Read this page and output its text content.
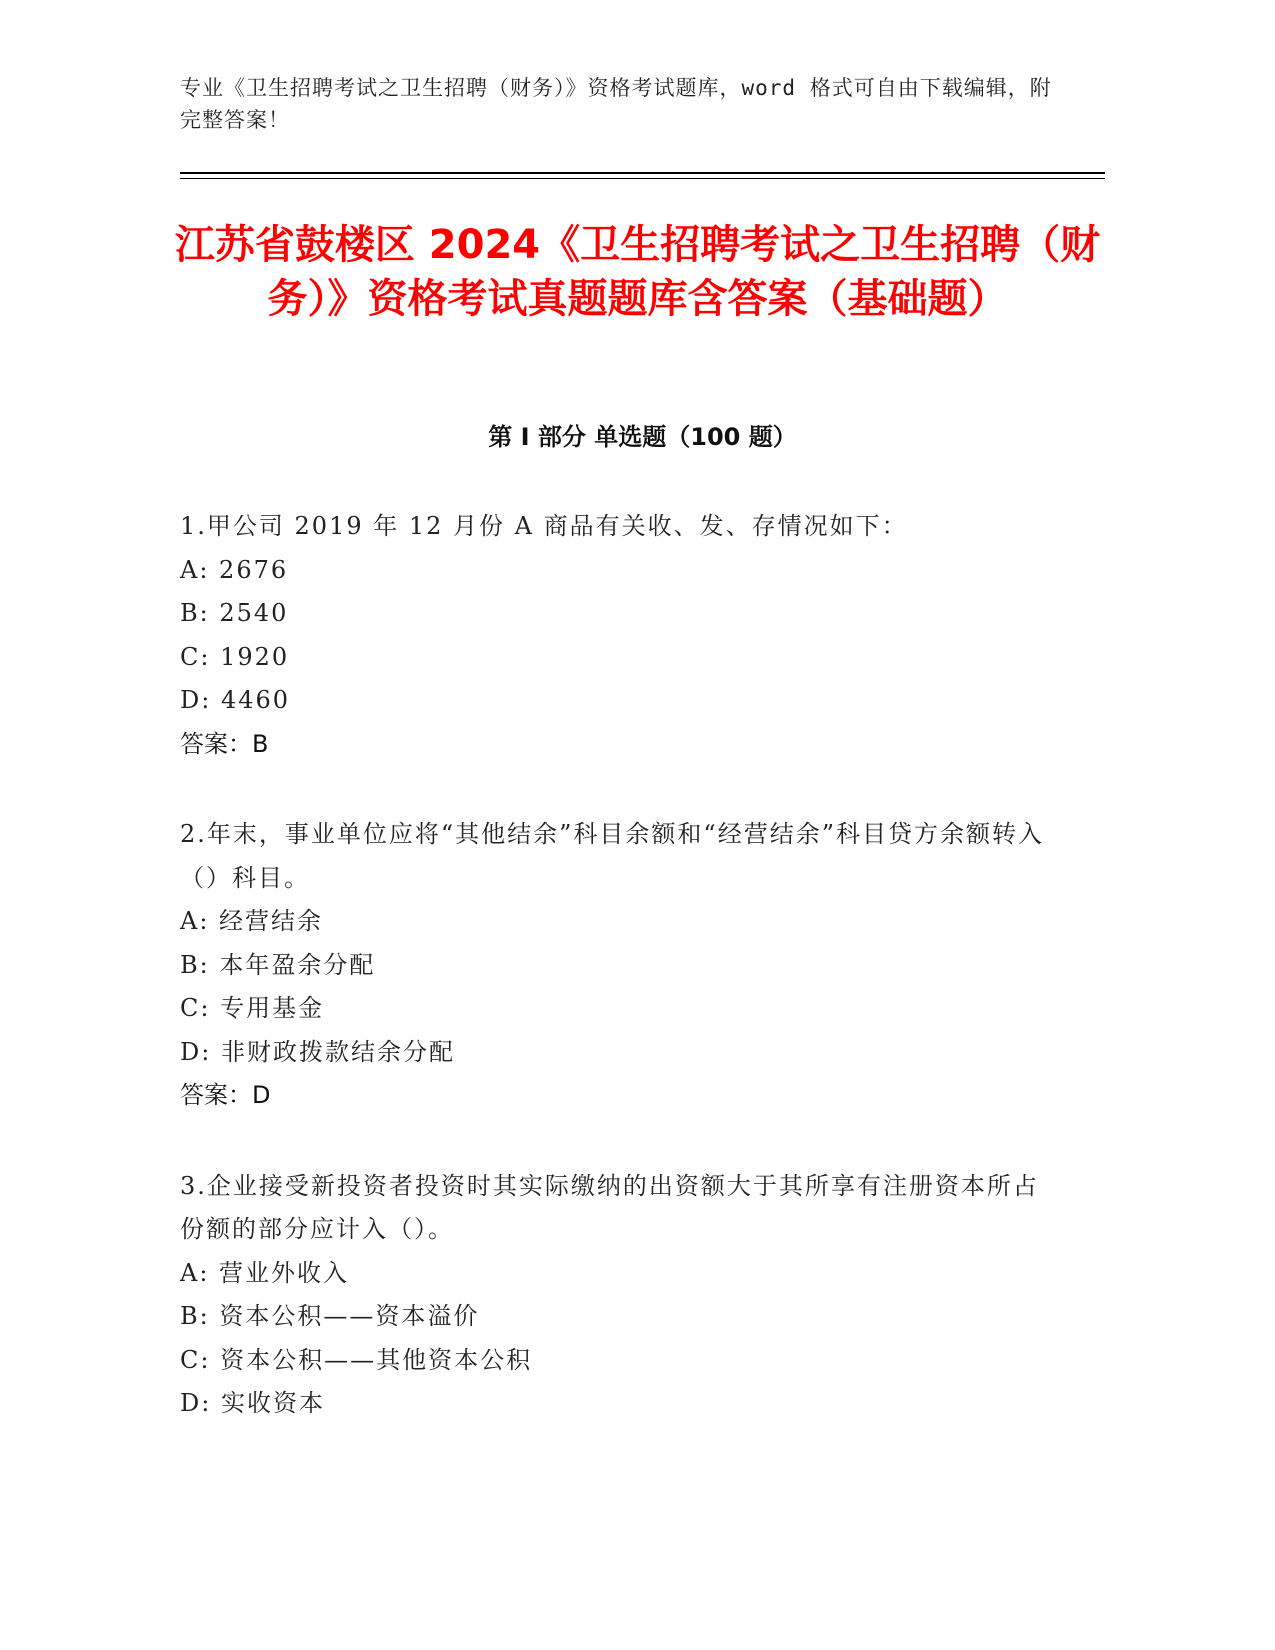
专业《卫生招聘考试之卫生招聘（财务）》资格考试题库，word 格式可自由下载编辑，附完整答案！
江苏省鼓楼区 2024《卫生招聘考试之卫生招聘（财务）》资格考试真题题库含答案（基础题）
第 I 部分 单选题（100 题）

1.甲公司 2019 年 12 月份 A 商品有关收、发、存情况如下：

A: 2676

B: 2540

C: 1920

D: 4460

答案：B

2.年末，事业单位应将“其他结余”科目余额和“经营结余”科目贷方余额转入（）科目。

A: 经营结余

B: 本年盈余分配

C: 专用基金

D: 非财政拨款结余分配

答案：D

3.企业接受新投资者投资时其实际缴纳的出资额大于其所享有注册资本所占份额的部分应计入（）。

A: 营业外收入

B: 资本公积——资本溢价

C: 资本公积——其他资本公积

D: 实收资本
